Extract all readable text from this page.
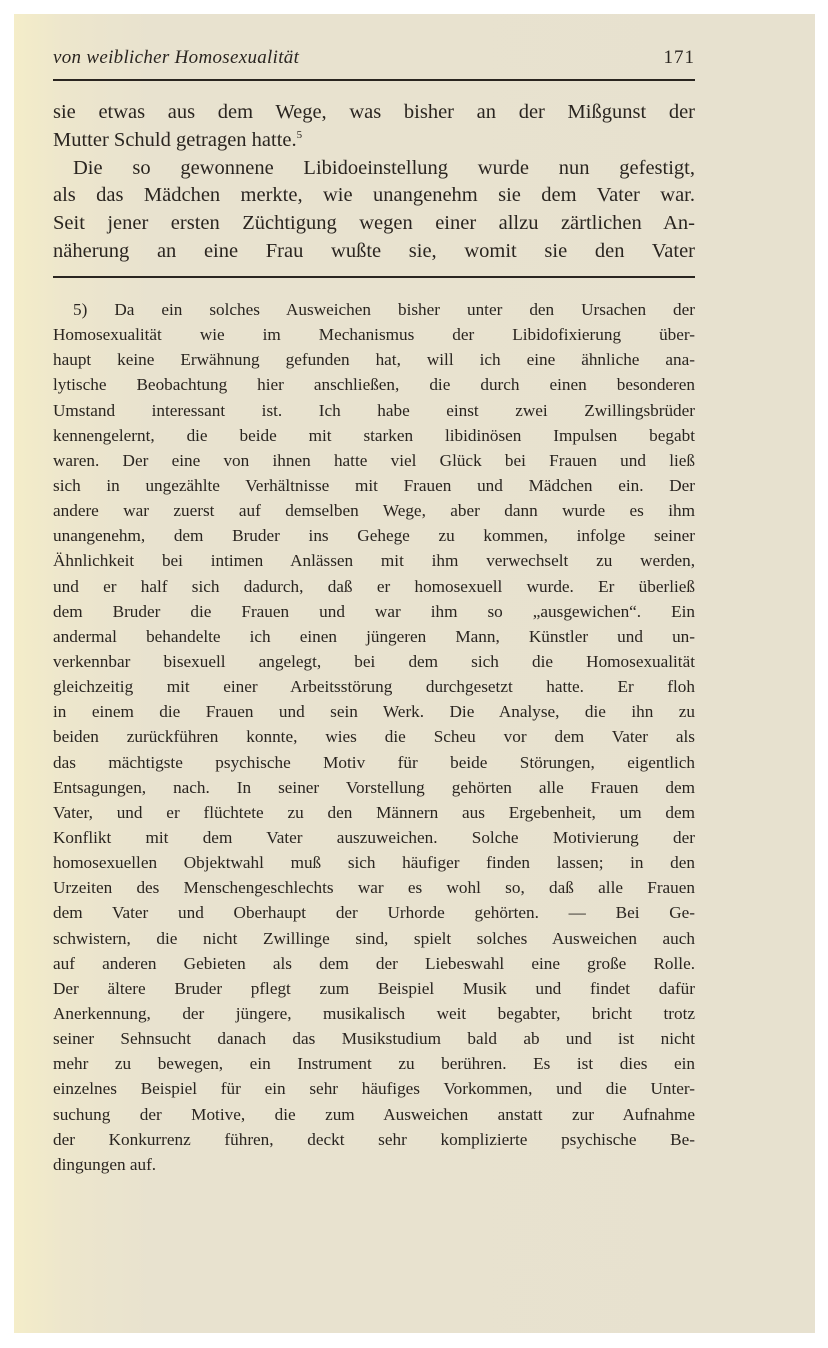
von weiblicher Homosexualität	171
sie etwas aus dem Wege, was bisher an der Mißgunst der
Mutter Schuld getragen hatte.$^5$
Die so gewonnene Libidoeinstellung wurde nun gefestigt,
als das Mädchen merkte, wie unangenehm sie dem Vater war.
Seit jener ersten Züchtigung wegen einer allzu zärtlichen An-
näherung an eine Frau wußte sie, womit sie den Vater
5) Da ein solches Ausweichen bisher unter den Ursachen der
Homosexualität wie im Mechanismus der Libidofixierung über-
haupt keine Erwähnung gefunden hat, will ich eine ähnliche ana-
lytische Beobachtung hier anschließen, die durch einen besonderen
Umstand interessant ist. Ich habe einst zwei Zwillingsbrüder
kennengelernt, die beide mit starken libidinösen Impulsen begabt
waren. Der eine von ihnen hatte viel Glück bei Frauen und ließ
sich in ungezählte Verhältnisse mit Frauen und Mädchen ein. Der
andere war zuerst auf demselben Wege, aber dann wurde es ihm
unangenehm, dem Bruder ins Gehege zu kommen, infolge seiner
Ähnlichkeit bei intimen Anlässen mit ihm verwechselt zu werden,
und er half sich dadurch, daß er homosexuell wurde. Er überließ
dem Bruder die Frauen und war ihm so „ausgewichen“. Ein
andermal behandelte ich einen jüngeren Mann, Künstler und un-
verkennbar bisexuell angelegt, bei dem sich die Homosexualität
gleichzeitig mit einer Arbeitsstörung durchgesetzt hatte. Er floh
in einem die Frauen und sein Werk. Die Analyse, die ihn zu
beiden zurückführen konnte, wies die Scheu vor dem Vater als
das mächtigste psychische Motiv für beide Störungen, eigentlich
Entsagungen, nach. In seiner Vorstellung gehörten alle Frauen dem
Vater, und er flüchtete zu den Männern aus Ergebenheit, um dem
Konflikt mit dem Vater auszuweichen. Solche Motivierung der
homosexuellen Objektwahl muß sich häufiger finden lassen; in den
Urzeiten des Menschengeschlechts war es wohl so, daß alle Frauen
dem Vater und Oberhaupt der Urhorde gehörten. — Bei Ge-
schwistern, die nicht Zwillinge sind, spielt solches Ausweichen auch
auf anderen Gebieten als dem der Liebeswahl eine große Rolle.
Der ältere Bruder pflegt zum Beispiel Musik und findet dafür
Anerkennung, der jüngere, musikalisch weit begabter, bricht trotz
seiner Sehnsucht danach das Musikstudium bald ab und ist nicht
mehr zu bewegen, ein Instrument zu berühren. Es ist dies ein
einzelnes Beispiel für ein sehr häufiges Vorkommen, und die Unter-
suchung der Motive, die zum Ausweichen anstatt zur Aufnahme
der Konkurrenz führen, deckt sehr komplizierte psychische Be-
dingungen auf.
